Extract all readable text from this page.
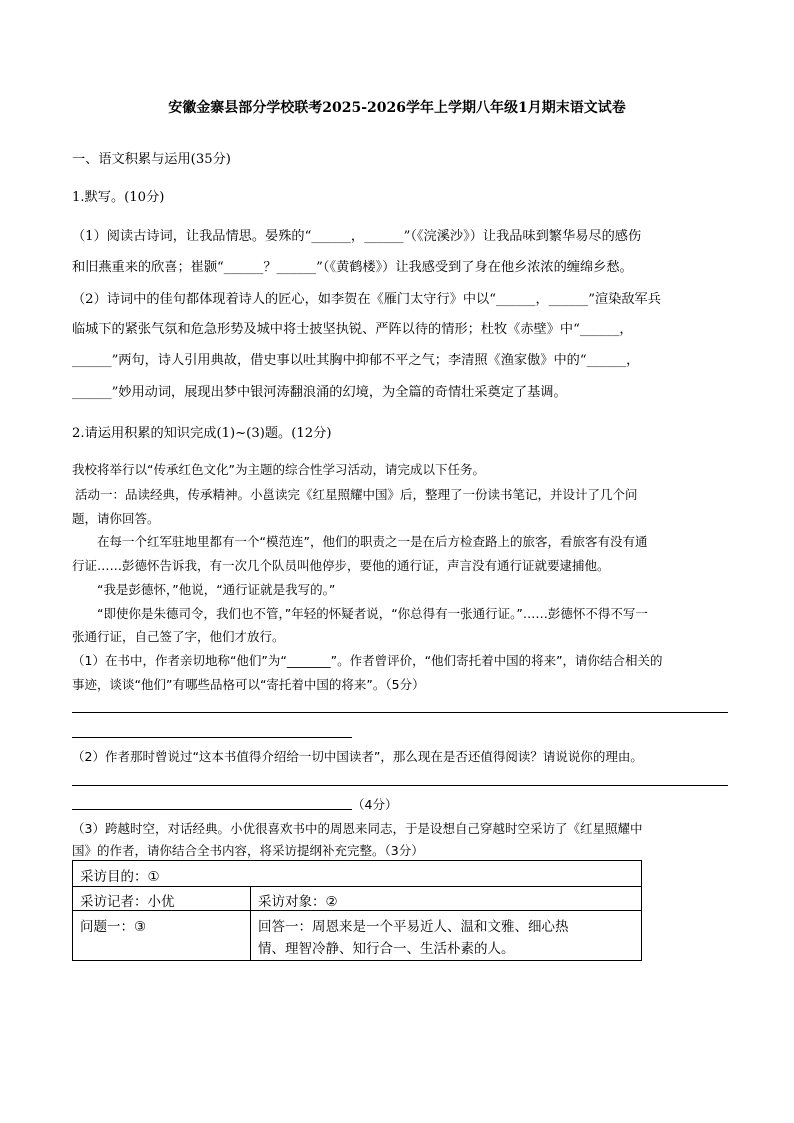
安徽金寨县部分学校联考2025-2026学年上学期八年级1月期末语文试卷
一、语文积累与运用(35分)
1.默写。(10分)
（1）阅读古诗词，让我品情思。晏殊的“______，______”（《浣溪沙》）让我品味到繁华易尽的感伤
和旧燕重来的欣喜；崔颢“______？______”（《黄鹤楼》）让我感受到了身在他乡浓浓的缠绵乡愁。
（2）诗词中的佳句都体现着诗人的匠心，如李贺在《雁门太守行》中以“______，______”渲染敌军兵
临城下的紧张气氛和危急形势及城中将士披坚执锐、严阵以待的情形；杜牧《赤壁》中“______，
______”两句，诗人引用典故，借史事以吐其胸中抑郁不平之气；李清照《渔家傲》中的“______，
______”妙用动词，展现出梦中银河涛翻浪涌的幻境，为全篇的奇情壮采奠定了基调。
2.请运用积累的知识完成(1)~(3)题。(12分)
我校将举行以“传承红色文化”为主题的综合性学习活动，请完成以下任务。
活动一：品读经典，传承精神。小邕读完《红星照耀中国》后，整理了一份读书笔记，并设计了几个问
题，请你回答。
在每一个红军驻地里都有一个“模范连”，他们的职责之一是在后方检查路上的旅客，看旅客有没有通
行证……彭德怀告诉我，有一次几个队员叫他停步，要他的通行证，声言没有通行证就要逮捕他。
“我是彭德怀，”他说，“通行证就是我写的。”
“即使你是朱德司令，我们也不管，”年轻的怀疑者说，“你总得有一张通行证。”……彭德怀不得不写一
张通行证，自己签了字，他们才放行。
（1）在书中，作者亲切地称“他们”为“_______”。作者曾评价，“他们寄托着中国的将来”，请你结合相关的
事迹，谈谈“他们”有哪些品格可以“寄托着中国的将来”。（5分）
（2）作者那时曾说过“这本书值得介绍给一切中国读者”，那么现在是否还值得阅读？请说说你的理由。
（4分）
（3）跨越时空，对话经典。小优很喜欢书中的周恩来同志，于是设想自己穿越时空采访了《红星照耀中
国》的作者，请你结合全书内容，将采访提纲补充完整。（3分）
采访目的：①
采访记者：小优	采访对象：②
问题一：③	回答一：周恩来是一个平易近人、温和文雅、细心热
情、理智冷静、知行合一、生活朴素的人。
